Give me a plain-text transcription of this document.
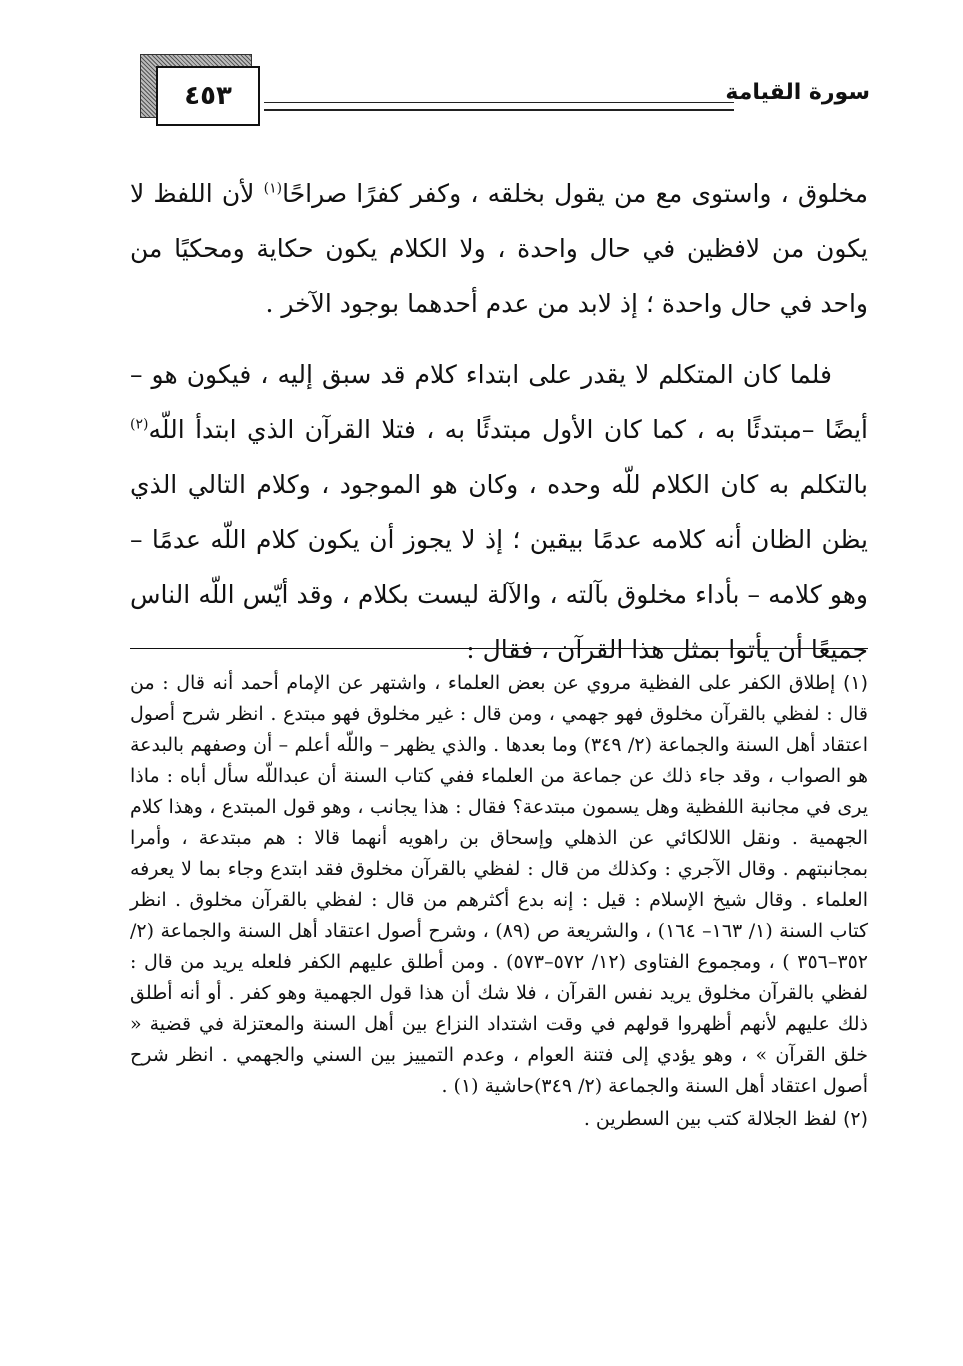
٤٥٣	سورة القيامة

مخلوق ، واستوى مع من يقول بخلقه ، وكفر كفرًا صراحًا$^{(١)}$ لأن اللفظ لا يكون من لافظين في حال واحدة ، ولا الكلام يكون حكاية ومحكيًا من واحد في حال واحدة ؛ إذ لابد من عدم أحدهما بوجود الآخر .

فلما كان المتكلم لا يقدر على ابتداء كلام قد سبق إليه ، فيكون هو – أيضًا –مبتدئًا به ، كما كان الأول مبتدئًا به ، فتلا القرآن الذي ابتدأ اللّه$^{(٢)}$ بالتكلم به كان الكلام للّه وحده ، وكان هو الموجود ، وكلام التالي الذي يظن الظان أنه كلامه عدمًا بيقين ؛ إذ لا يجوز أن يكون كلام اللّه عدمًا – وهو كلامه – بأداء مخلوق بآلته ، والآلة ليست بكلام ، وقد أيّس اللّه الناس جميعًا أن يأتوا بمثل هذا القرآن ، فقال :

(١) إطلاق الكفر على الفظية مروي عن بعض العلماء ، واشتهر عن الإمام أحمد أنه قال : من قال : لفظي بالقرآن مخلوق فهو جهمي ، ومن قال : غير مخلوق فهو مبتدع . انظر شرح أصول اعتقاد أهل السنة والجماعة (٢/ ٣٤٩) وما بعدها . والذي يظهر – واللّه أعلم – أن وصفهم بالبدعة هو الصواب ، وقد جاء ذلك عن جماعة من العلماء ففي كتاب السنة أن عبداللّه سأل أباه : ماذا يرى في مجانبة اللفظية وهل يسمون مبتدعة؟ فقال : هذا يجانب ، وهو قول المبتدع ، وهذا كلام الجهمية . ونقل اللالكائي عن الذهلي وإسحاق بن راهويه أنهما قالا : هم مبتدعة ، وأمرا بمجانبتهم . وقال الآجري : وكذلك من قال : لفظي بالقرآن مخلوق فقد ابتدع وجاء بما لا يعرفه العلماء . وقال شيخ الإسلام : قيل : إنه بدع أكثرهم من قال : لفظي بالقرآن مخلوق . انظر كتاب السنة (١/ ١٦٣– ١٦٤) ، والشريعة ص (٨٩) ، وشرح أصول اعتقاد أهل السنة والجماعة (٢/ ٣٥٢–٣٥٦ ) ، ومجموع الفتاوى (١٢/ ٥٧٢–٥٧٣) . ومن أطلق عليهم الكفر فلعله يريد من قال : لفظي بالقرآن مخلوق يريد نفس القرآن ، فلا شك أن هذا قول الجهمية وهو كفر . أو أنه أطلق ذلك عليهم لأنهم أظهروا قولهم في وقت اشتداد النزاع بين أهل السنة والمعتزلة في قضية « خلق القرآن » ، وهو يؤدي إلى فتنة العوام ، وعدم التمييز بين السني والجهمي . انظر شرح أصول اعتقاد أهل السنة والجماعة (٢/ ٣٤٩)حاشية (١) .

(٢) لفظ الجلالة كتب بين السطرين .
